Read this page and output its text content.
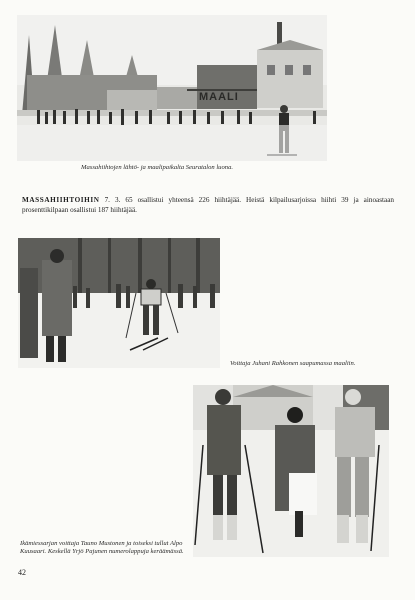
MAALI
Massahiihtojen lähtö- ja maalipaikalta Seuratalon luona.
MASSAHIIHTOIHIN 7. 3. 65 osallistui yhteensä 226 hiihtäjää. Heistä kilpailusarjoissa hiihti 39 ja ainoastaan prosenttikilpaan osallistui 187 hiihtäjää.
Voittaja Juhani Rahkonen saapumassa maaliin.
Ikämiessarjan voittaja Tauno Mustonen ja toiseksi tullut Alpo Kuusaari. Keskellä Yrjö Pajunen numerolappuja keräämässä.
42
